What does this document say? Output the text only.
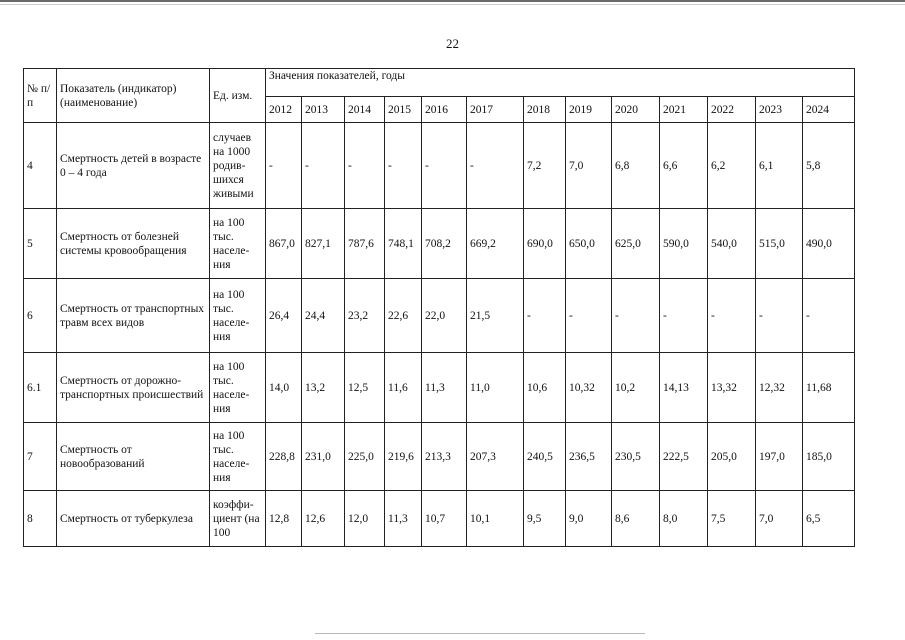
22
№ п/п	Показатель (индикатор) (наименование)	Ед. изм.	Значения показателей, годы												
			2012	2013	2014	2015	2016	2017	2018	2019	2020	2021	2022	2023	2024
4	Смертность детей в возрасте 0 – 4 года	случаев на 1000 родив-шихся живыми	-	-	-	-	-	-	7,2	7,0	6,8	6,6	6,2	6,1	5,8
5	Смертность от болезней системы кровообращения	на 100 тыс. населе-ния	867,0	827,1	787,6	748,1	708,2	669,2	690,0	650,0	625,0	590,0	540,0	515,0	490,0
6	Смертность от транспортных травм всех видов	на 100 тыс. населе-ния	26,4	24,4	23,2	22,6	22,0	21,5	-	-	-	-	-	-	-
6.1	Смертность от дорожно-транспортных происшествий	на 100 тыс. населе-ния	14,0	13,2	12,5	11,6	11,3	11,0	10,6	10,32	10,2	14,13	13,32	12,32	11,68
7	Смертность от новообразований	на 100 тыс. населе-ния	228,8	231,0	225,0	219,6	213,3	207,3	240,5	236,5	230,5	222,5	205,0	197,0	185,0
8	Смертность от туберкулеза	коэффи-циент (на 100	12,8	12,6	12,0	11,3	10,7	10,1	9,5	9,0	8,6	8,0	7,5	7,0	6,5
